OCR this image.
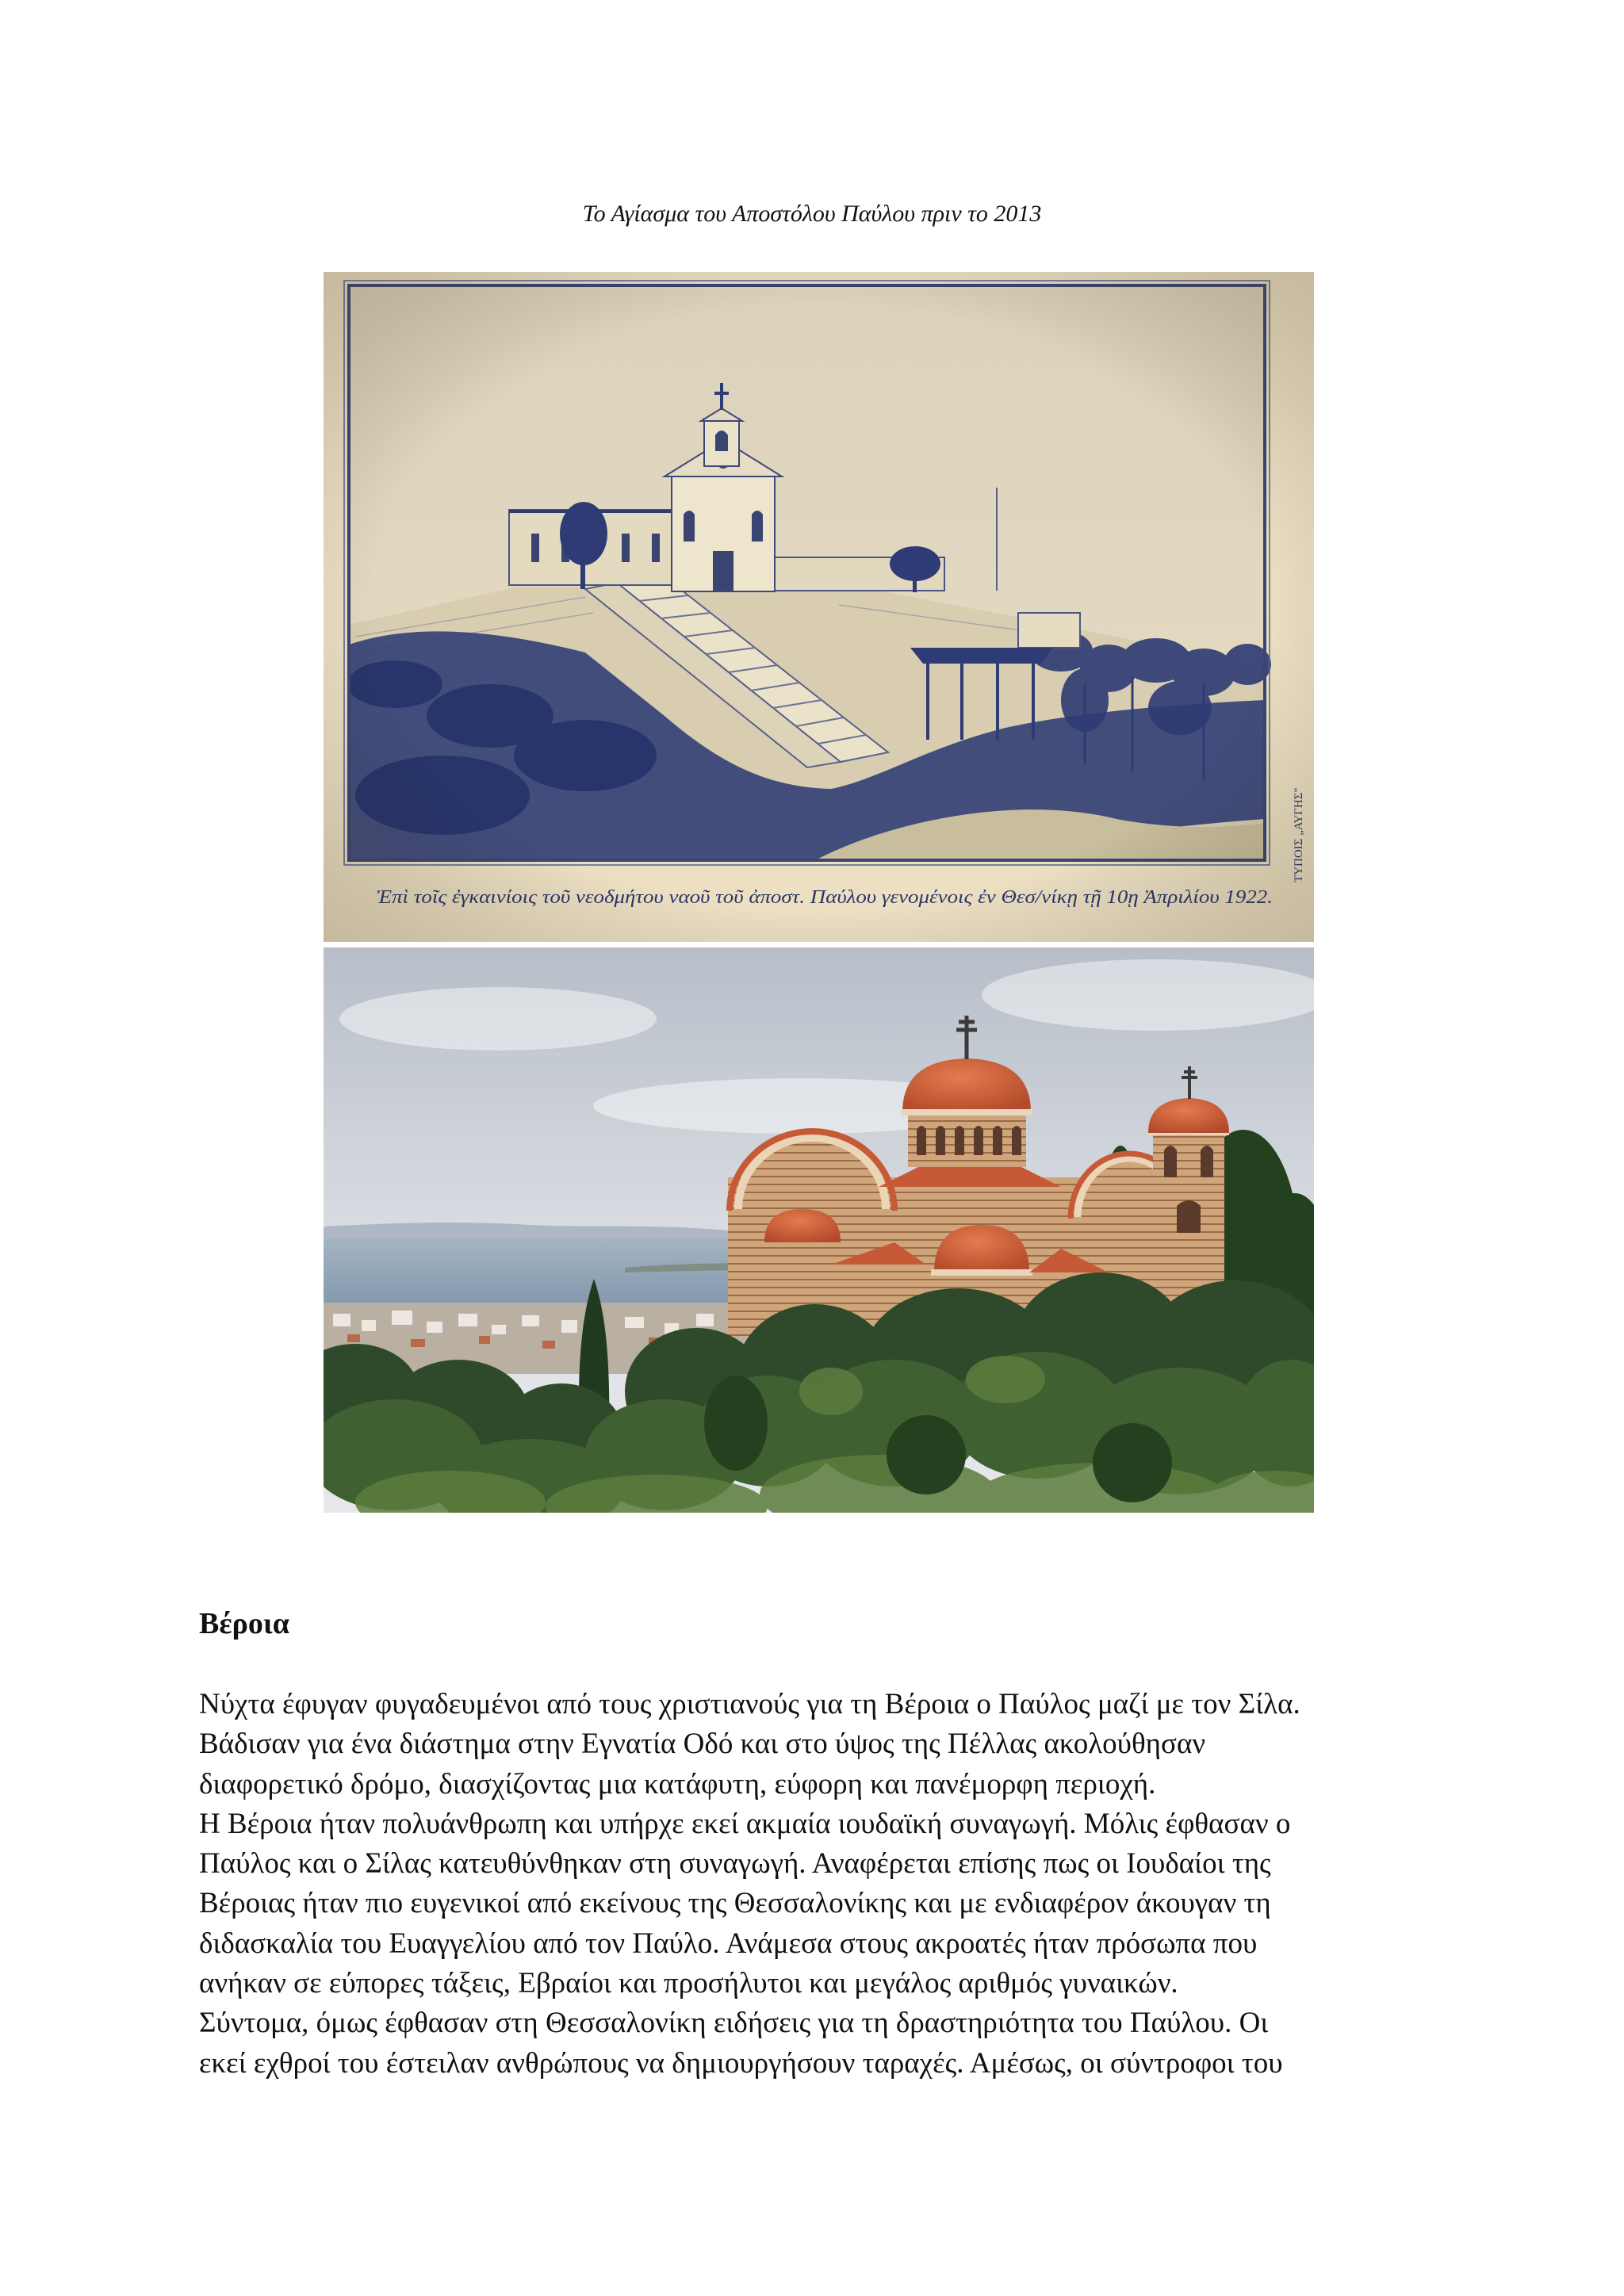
Το Αγίασμα του Αποστόλου Παύλου πριν το 2013
Βέροια
Νύχτα έφυγαν φυγαδευμένοι από τους χριστιανούς για τη Βέροια ο Παύλος μαζί με τον Σίλα.
Βάδισαν για ένα διάστημα στην Εγνατία Οδό και στο ύψος της Πέλλας ακολούθησαν
διαφορετικό δρόμο, διασχίζοντας μια κατάφυτη, εύφορη και πανέμορφη περιοχή.
Η Βέροια ήταν πολυάνθρωπη και υπήρχε εκεί ακμαία ιουδαϊκή συναγωγή. Μόλις έφθασαν ο
Παύλος και ο Σίλας κατευθύνθηκαν στη συναγωγή. Αναφέρεται επίσης πως οι Ιουδαίοι της
Βέροιας ήταν πιο ευγενικοί από εκείνους της Θεσσαλονίκης και με ενδιαφέρον άκουγαν τη
διδασκαλία του Ευαγγελίου από τον Παύλο. Ανάμεσα στους ακροατές ήταν πρόσωπα που
ανήκαν σε εύπορες τάξεις, Εβραίοι και προσήλυτοι και μεγάλος αριθμός γυναικών.
Σύντομα, όμως έφθασαν στη Θεσσαλονίκη ειδήσεις για τη δραστηριότητα του Παύλου. Οι
εκεί εχθροί του έστειλαν ανθρώπους να δημιουργήσουν ταραχές. Αμέσως, οι σύντροφοι του
